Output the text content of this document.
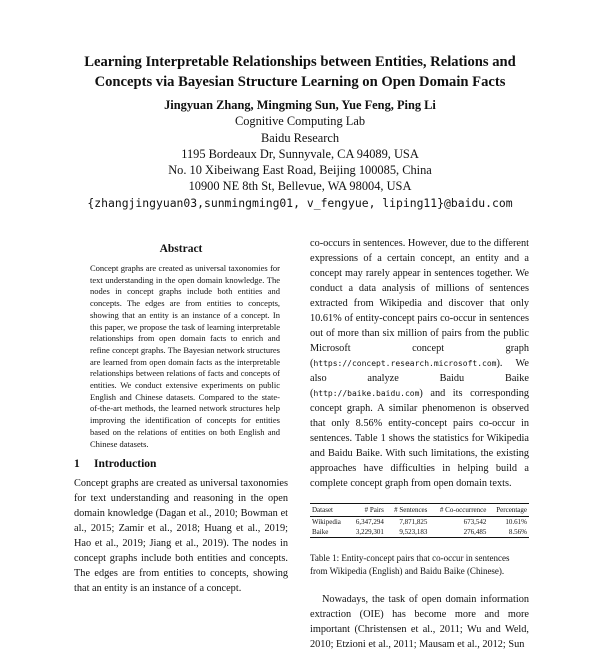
Learning Interpretable Relationships between Entities, Relations and
Concepts via Bayesian Structure Learning on Open Domain Facts
Jingyuan Zhang, Mingming Sun, Yue Feng, Ping Li
Cognitive Computing Lab
Baidu Research
1195 Bordeaux Dr, Sunnyvale, CA 94089, USA
No. 10 Xibeiwang East Road, Beijing 100085, China
10900 NE 8th St, Bellevue, WA 98004, USA
{zhangjingyuan03,sunmingming01, v_fengyue, liping11}@baidu.com
Abstract

Concept graphs are created as universal taxonomies for text understanding in the open domain knowledge. The nodes in concept graphs include both entities and concepts. The edges are from entities to concepts, showing that an entity is an instance of a concept. In this paper, we propose the task of learning interpretable relationships from open domain facts to enrich and refine concept graphs. The Bayesian network structures are learned from open domain facts as the interpretable relationships between relations of facts and concepts of entities. We conduct extensive experiments on public English and Chinese datasets. Compared to the state-of-the-art methods, the learned network structures help improving the identification of concepts for entities based on the relations of entities on both English and Chinese datasets.

1 Introduction

Concept graphs are created as universal taxonomies for text understanding and reasoning in the open domain knowledge (Dagan et al., 2010; Bowman et al., 2015; Zamir et al., 2018; Huang et al., 2019; Hao et al., 2019; Jiang et al., 2019). The nodes in concept graphs include both entities and concepts. The edges are from entities to concepts, showing that an entity is an instance of a concept.

co-occurs in sentences. However, due to the different expressions of a certain concept, an entity and a concept may rarely appear in sentences together. We conduct a data analysis of millions of sentences extracted from Wikipedia and discover that only 10.61% of entity-concept pairs co-occur in sentences out of more than six million of pairs from the public Microsoft concept graph (https://concept.research.microsoft.com). We also analyze Baidu Baike (http://baike.baidu.com) and its corresponding concept graph. A similar phenomenon is observed that only 8.56% entity-concept pairs co-occur in sentences. Table 1 shows the statistics for Wikipedia and Baidu Baike. With such limitations, the existing approaches have difficulties in helping build a complete concept graph from open domain texts.

Dataset	# Pairs	# Sentences	# Co-occurrence	Percentage
Wikipedia	6,347,294	7,871,825	673,542	10.61%
Baike	3,229,301	9,523,183	276,485	8.56%

Table 1: Entity-concept pairs that co-occur in sentences from Wikipedia (English) and Baidu Baike (Chinese).

Nowadays, the task of open domain information extraction (OIE) has become more and more important (Christensen et al., 2011; Wu and Weld, 2010; Etzioni et al., 2011; Mausam et al., 2012; Sun
